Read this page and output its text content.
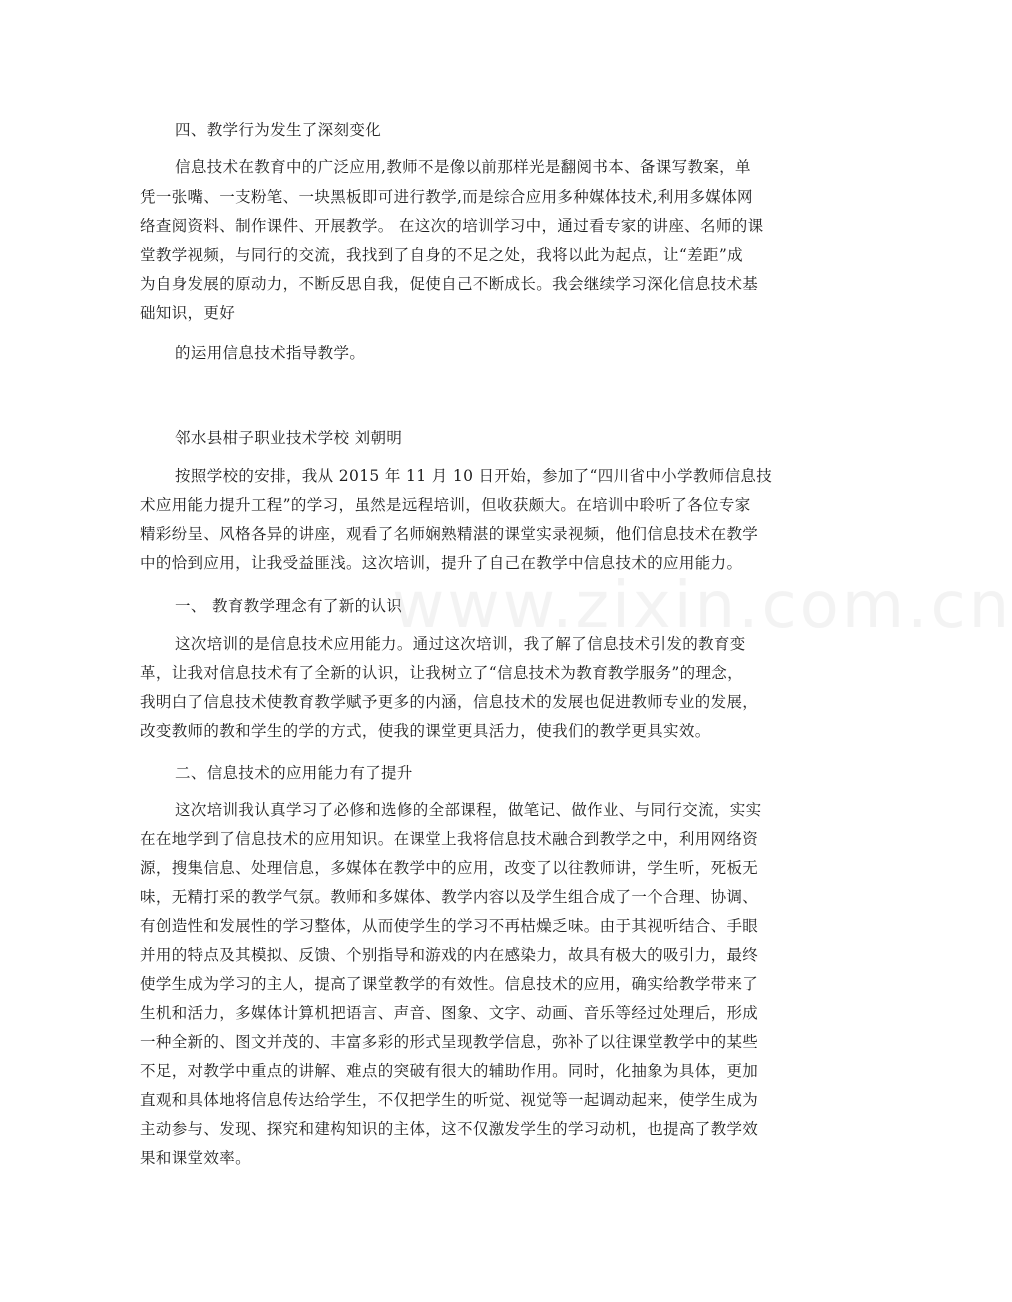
四、教学行为发生了深刻变化

信息技术在教育中的广泛应用,教师不是像以前那样光是翻阅书本、备课写教案，单

凭一张嘴、一支粉笔、一块黑板即可进行教学,而是综合应用多种媒体技术,利用多媒体网

络查阅资料、制作课件、开展教学。 在这次的培训学习中，通过看专家的讲座、名师的课

堂教学视频，与同行的交流，我找到了自身的不足之处，我将以此为起点，让“差距”成

为自身发展的原动力，不断反思自我，促使自己不断成长。我会继续学习深化信息技术基

础知识，更好

的运用信息技术指导教学。

邻水县柑子职业技术学校 刘朝明

按照学校的安排，我从 2015 年 11 月 10 日开始，参加了“四川省中小学教师信息技

术应用能力提升工程”的学习，虽然是远程培训，但收获颇大。在培训中聆听了各位专家

精彩纷呈、风格各异的讲座，观看了名师娴熟精湛的课堂实录视频，他们信息技术在教学

中的恰到应用，让我受益匪浅。这次培训，提升了自己在教学中信息技术的应用能力。

一、 教育教学理念有了新的认识

这次培训的是信息技术应用能力。通过这次培训，我了解了信息技术引发的教育变

革，让我对信息技术有了全新的认识，让我树立了“信息技术为教育教学服务”的理念，

我明白了信息技术使教育教学赋予更多的内涵，信息技术的发展也促进教师专业的发展，

改变教师的教和学生的学的方式，使我的课堂更具活力，使我们的教学更具实效。

二、信息技术的应用能力有了提升

这次培训我认真学习了必修和选修的全部课程，做笔记、做作业、与同行交流，实实

在在地学到了信息技术的应用知识。在课堂上我将信息技术融合到教学之中，利用网络资

源，搜集信息、处理信息，多媒体在教学中的应用，改变了以往教师讲，学生听，死板无

味，无精打采的教学气氛。教师和多媒体、教学内容以及学生组合成了一个合理、协调、

有创造性和发展性的学习整体，从而使学生的学习不再枯燥乏味。由于其视听结合、手眼

并用的特点及其模拟、反馈、个别指导和游戏的内在感染力，故具有极大的吸引力，最终

使学生成为学习的主人，提高了课堂教学的有效性。信息技术的应用，确实给教学带来了

生机和活力，多媒体计算机把语言、声音、图象、文字、动画、音乐等经过处理后，形成

一种全新的、图文并茂的、丰富多彩的形式呈现教学信息，弥补了以往课堂教学中的某些

不足，对教学中重点的讲解、难点的突破有很大的辅助作用。同时，化抽象为具体，更加

直观和具体地将信息传达给学生，不仅把学生的听觉、视觉等一起调动起来，使学生成为

主动参与、发现、探究和建构知识的主体，这不仅激发学生的学习动机，也提高了教学效

果和课堂效率。

www.zixin.com.cn
